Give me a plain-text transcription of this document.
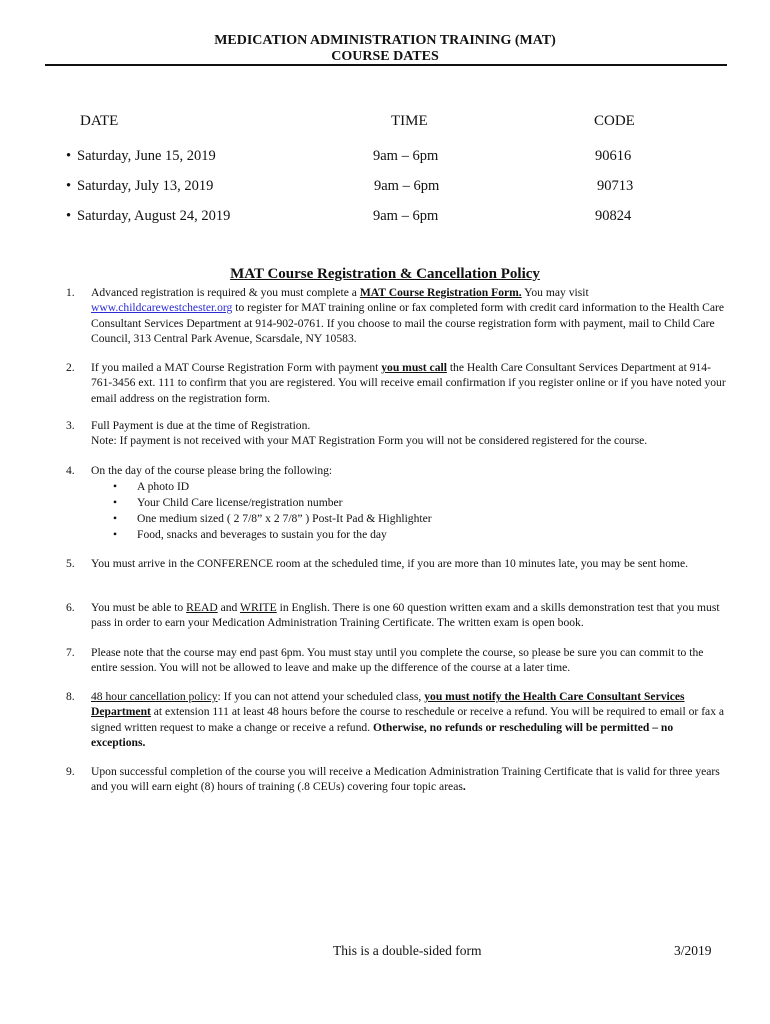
MEDICATION ADMINISTRATION TRAINING (MAT)
COURSE DATES
DATE	TIME	CODE
• Saturday, June 15, 2019	9am – 6pm	90616
• Saturday, July 13, 2019	9am – 6pm	90713
• Saturday, August 24, 2019	9am – 6pm	90824
MAT Course Registration & Cancellation Policy
1. Advanced registration is required & you must complete a MAT Course Registration Form. You may visit www.childcarewestchester.org to register for MAT training online or fax completed form with credit card information to the Health Care Consultant Services Department at 914-902-0761. If you choose to mail the course registration form with payment, mail to Child Care Council, 313 Central Park Avenue, Scarsdale, NY 10583.
2. If you mailed a MAT Course Registration Form with payment you must call the Health Care Consultant Services Department at 914-761-3456 ext. 111 to confirm that you are registered. You will receive email confirmation if you register online or if you have noted your email address on the registration form.
3. Full Payment is due at the time of Registration.
Note: If payment is not received with your MAT Registration Form you will not be considered registered for the course.
4. On the day of the course please bring the following:
• A photo ID
• Your Child Care license/registration number
• One medium sized ( 2 7/8” x 2 7/8” ) Post-It Pad & Highlighter
• Food, snacks and beverages to sustain you for the day
5. You must arrive in the CONFERENCE room at the scheduled time, if you are more than 10 minutes late, you may be sent home.
6. You must be able to READ and WRITE in English. There is one 60 question written exam and a skills demonstration test that you must pass in order to earn your Medication Administration Training Certificate. The written exam is open book.
7. Please note that the course may end past 6pm. You must stay until you complete the course, so please be sure you can commit to the entire session. You will not be allowed to leave and make up the difference of the course at a later time.
8. 48 hour cancellation policy: If you can not attend your scheduled class, you must notify the Health Care Consultant Services Department at extension 111 at least 48 hours before the course to reschedule or receive a refund. You will be required to email or fax a signed written request to make a change or receive a refund. Otherwise, no refunds or rescheduling will be permitted – no exceptions.
9. Upon successful completion of the course you will receive a Medication Administration Training Certificate that is valid for three years and you will earn eight (8) hours of training (.8 CEUs) covering four topic areas.
This is a double-sided form	3/2019
